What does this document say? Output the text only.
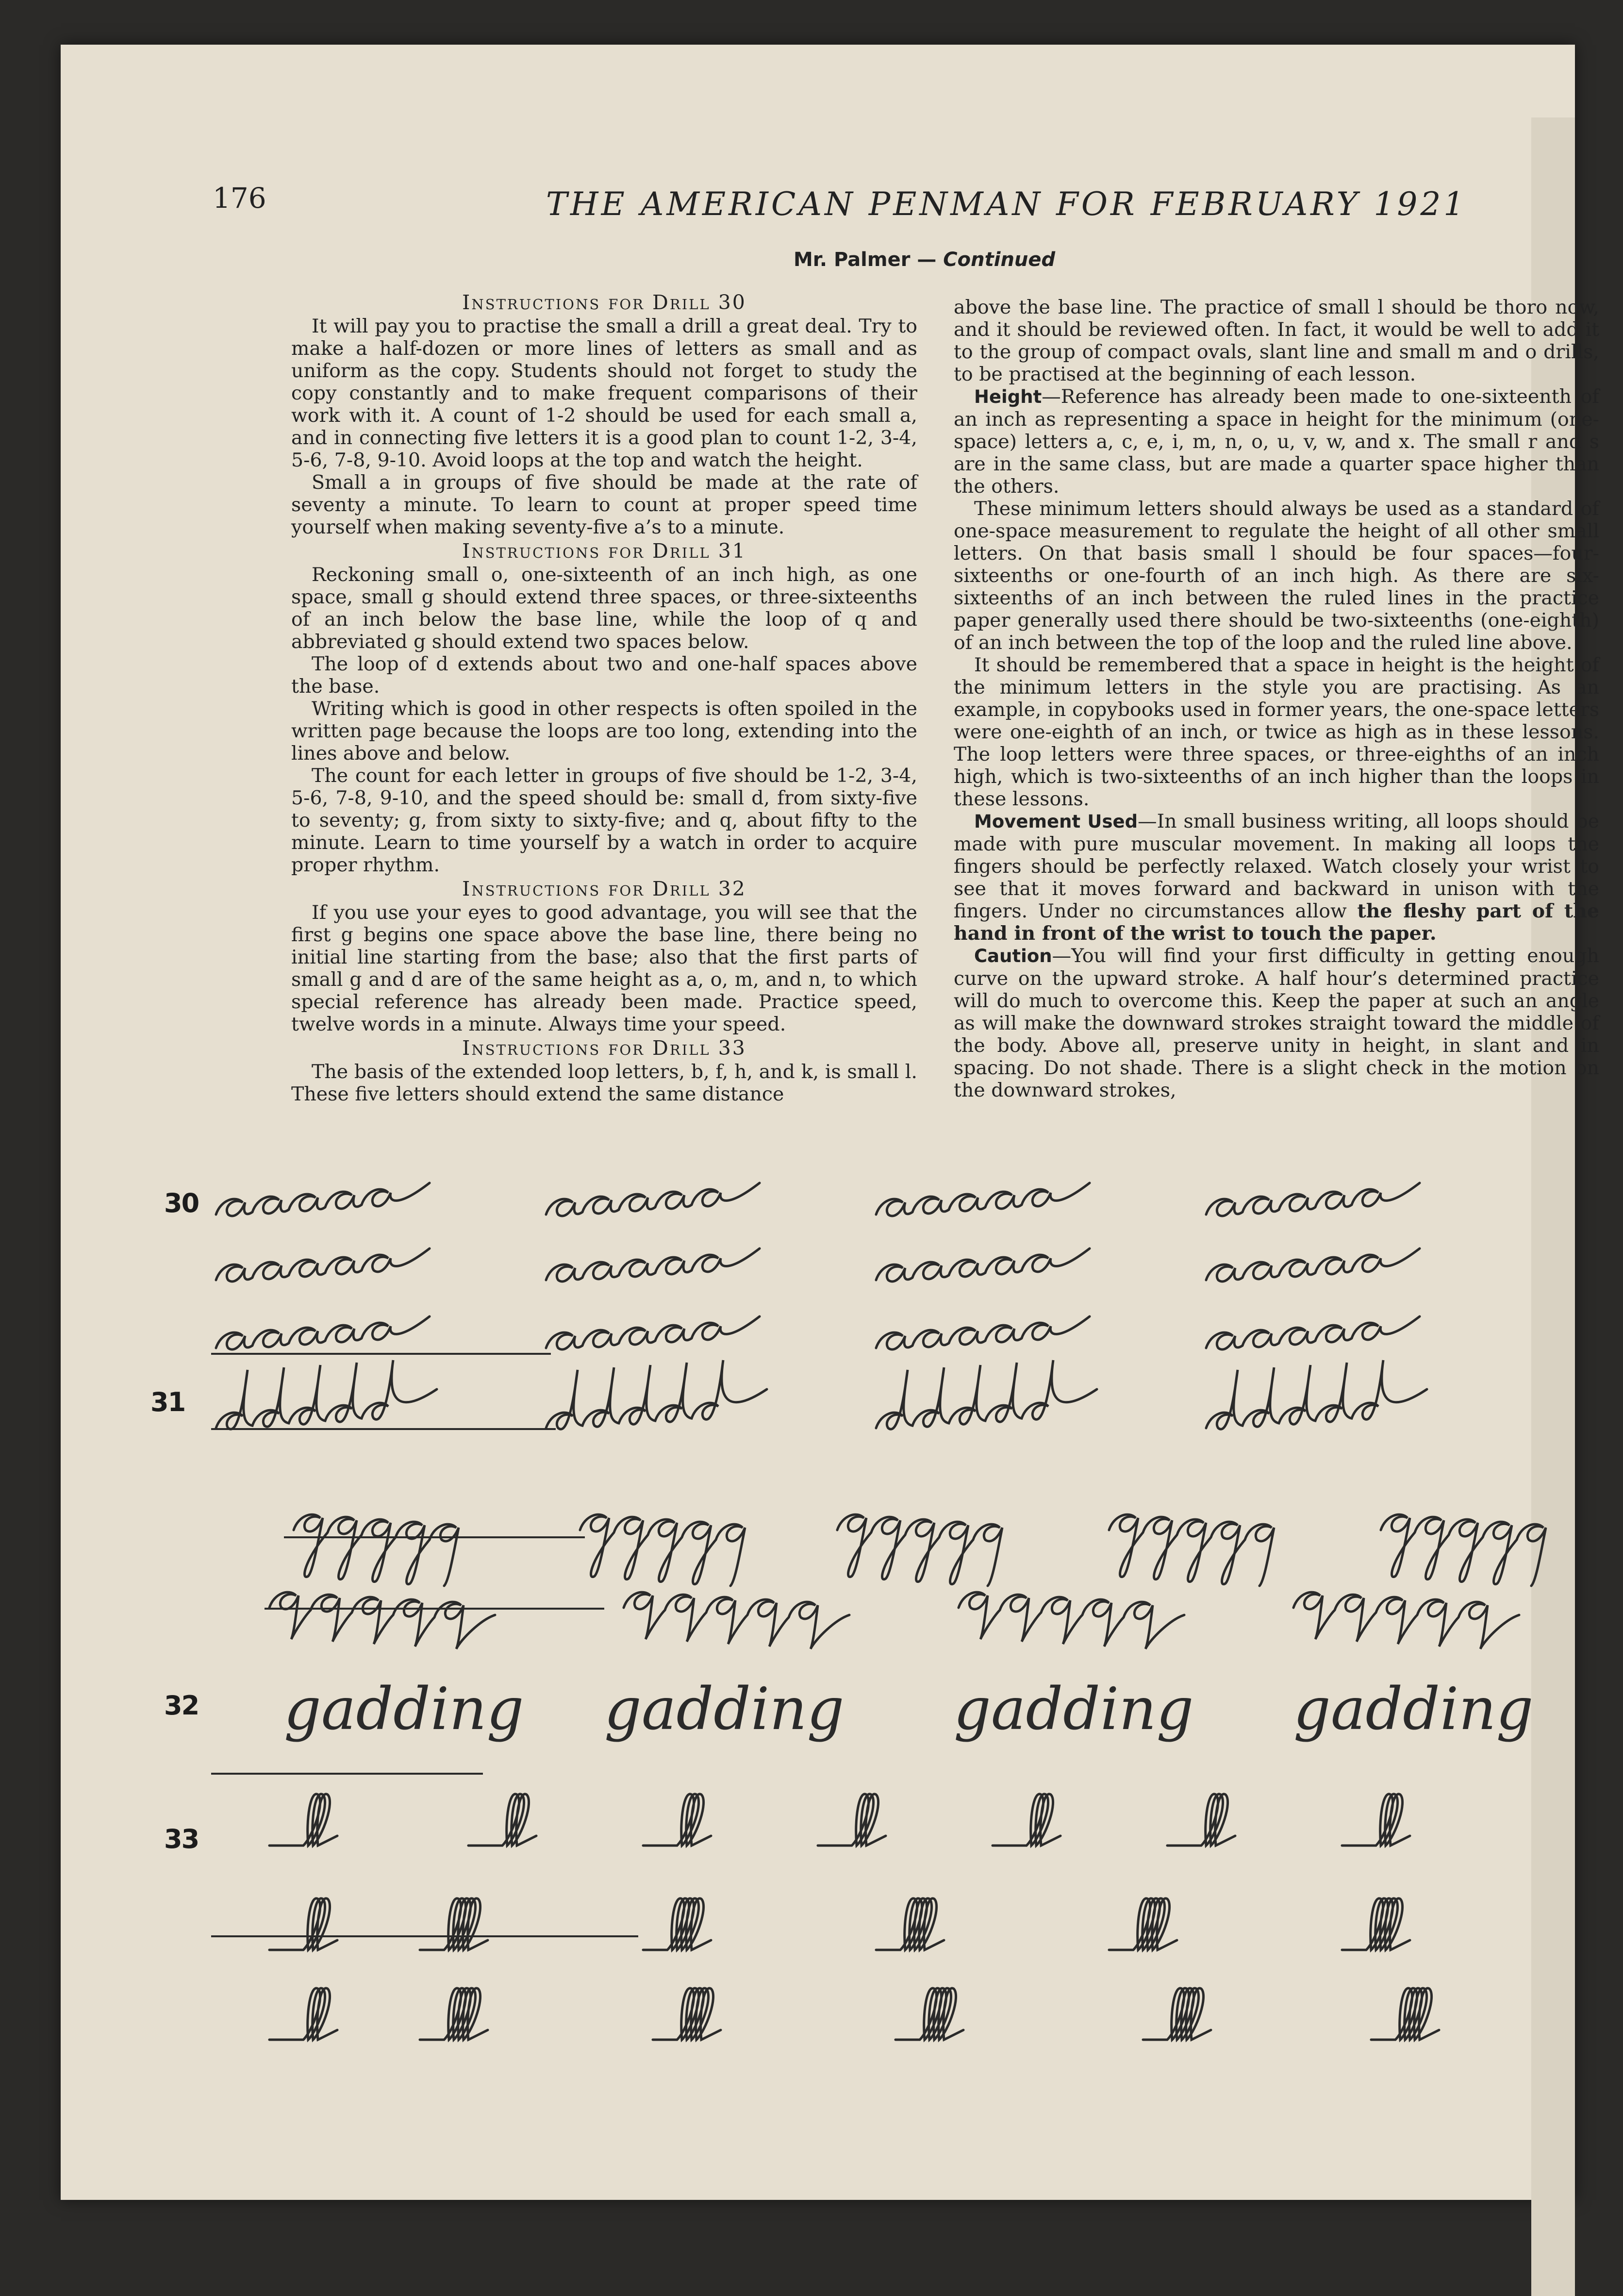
176	THE AMERICAN PENMAN FOR FEBRUARY 1921
Mr. Palmer — Continued
Instructions for Drill 30

It will pay you to practise the small a drill a great deal. Try to make a half-dozen or more lines of letters as small and as uniform as the copy. Students should not forget to study the copy constantly and to make frequent comparisons of their work with it. A count of 1-2 should be used for each small a, and in connecting five letters it is a good plan to count 1-2, 3-4, 5-6, 7-8, 9-10. Avoid loops at the top and watch the height.

Small a in groups of five should be made at the rate of seventy a minute. To learn to count at proper speed time yourself when making seventy-five a’s to a minute.

Instructions for Drill 31

Reckoning small o, one-sixteenth of an inch high, as one space, small g should extend three spaces, or three-sixteenths of an inch below the base line, while the loop of q and abbreviated g should extend two spaces below.

The loop of d extends about two and one-half spaces above the base.

Writing which is good in other respects is often spoiled in the written page because the loops are too long, extending into the lines above and below.

The count for each letter in groups of five should be 1-2, 3-4, 5-6, 7-8, 9-10, and the speed should be: small d, from sixty-five to seventy; g, from sixty to sixty-five; and q, about fifty to the minute. Learn to time yourself by a watch in order to acquire proper rhythm.

Instructions for Drill 32

If you use your eyes to good advantage, you will see that the first g begins one space above the base line, there being no initial line starting from the base; also that the first parts of small g and d are of the same height as a, o, m, and n, to which special reference has already been made. Practice speed, twelve words in a minute. Always time your speed.

Instructions for Drill 33

The basis of the extended loop letters, b, f, h, and k, is small l. These five letters should extend the same distance

above the base line. The practice of small l should be thoro now, and it should be reviewed often. In fact, it would be well to add it to the group of compact ovals, slant line and small m and o drills, to be practised at the beginning of each lesson.

Height—Reference has already been made to one-sixteenth of an inch as representing a space in height for the minimum (one-space) letters a, c, e, i, m, n, o, u, v, w, and x. The small r and s are in the same class, but are made a quarter space higher than the others.

These minimum letters should always be used as a standard of one-space measurement to regulate the height of all other small letters. On that basis small l should be four spaces—four-sixteenths or one-fourth of an inch high. As there are six-sixteenths of an inch between the ruled lines in the practice paper generally used there should be two-sixteenths (one-eighth) of an inch between the top of the loop and the ruled line above.

It should be remembered that a space in height is the height of the minimum letters in the style you are practising. As an example, in copybooks used in former years, the one-space letters were one-eighth of an inch, or twice as high as in these lessons. The loop letters were three spaces, or three-eighths of an inch high, which is two-sixteenths of an inch higher than the loops in these lessons.

Movement Used—In small business writing, all loops should be made with pure muscular movement. In making all loops the fingers should be perfectly relaxed. Watch closely your wrist to see that it moves forward and backward in unison with the fingers. Under no circumstances allow the fleshy part of the hand in front of the wrist to touch the paper.

Caution—You will find your first difficulty in getting enough curve on the upward stroke. A half hour’s determined practice will do much to overcome this. Keep the paper at such an angle as will make the downward strokes straight toward the middle of the body. Above all, preserve unity in height, in slant and in spacing. Do not shade. There is a slight check in the motion on the downward strokes,

30
31
32
33
gadding gadding gadding gadding
